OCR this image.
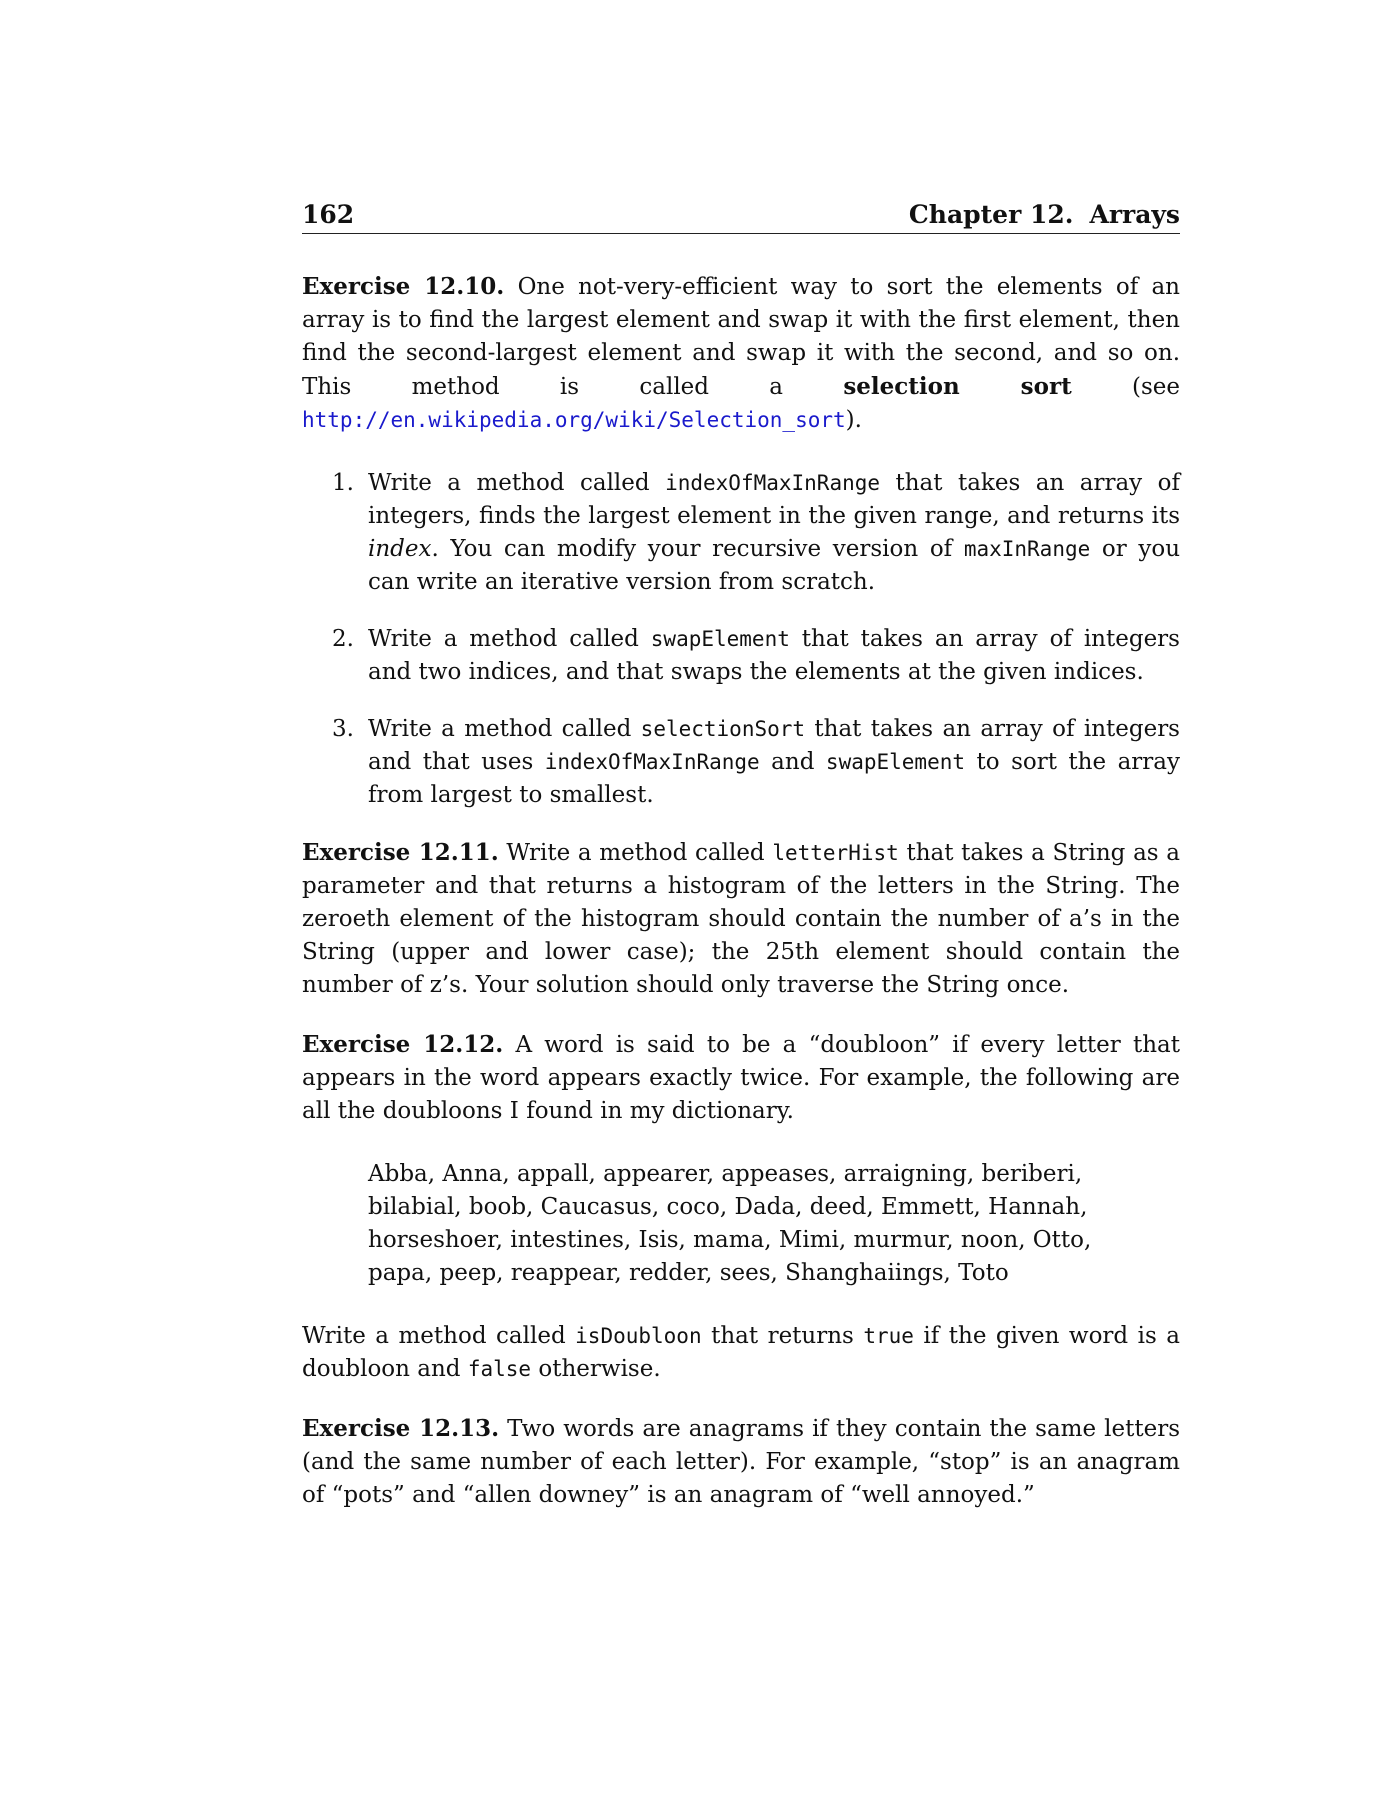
162	Chapter 12. Arrays

Exercise 12.10. One not-very-efficient way to sort the elements of an array is to find the largest element and swap it with the first element, then find the second-largest element and swap it with the second, and so on. This method is called a selection sort (see http://en.wikipedia.org/wiki/Selection_sort).

1. Write a method called indexOfMaxInRange that takes an array of integers, finds the largest element in the given range, and returns its index. You can modify your recursive version of maxInRange or you can write an iterative version from scratch.
2. Write a method called swapElement that takes an array of integers and two indices, and that swaps the elements at the given indices.
3. Write a method called selectionSort that takes an array of integers and that uses indexOfMaxInRange and swapElement to sort the array from largest to smallest.

Exercise 12.11. Write a method called letterHist that takes a String as a parameter and that returns a histogram of the letters in the String. The zeroeth element of the histogram should contain the number of a’s in the String (upper and lower case); the 25th element should contain the number of z’s. Your solution should only traverse the String once.

Exercise 12.12. A word is said to be a “doubloon” if every letter that appears in the word appears exactly twice. For example, the following are all the doubloons I found in my dictionary.

Abba, Anna, appall, appearer, appeases, arraigning, beriberi, bilabial, boob, Caucasus, coco, Dada, deed, Emmett, Hannah, horseshoer, intestines, Isis, mama, Mimi, murmur, noon, Otto, papa, peep, reappear, redder, sees, Shanghaiings, Toto

Write a method called isDoubloon that returns true if the given word is a doubloon and false otherwise.

Exercise 12.13. Two words are anagrams if they contain the same letters (and the same number of each letter). For example, “stop” is an anagram of “pots” and “allen downey” is an anagram of “well annoyed.”
